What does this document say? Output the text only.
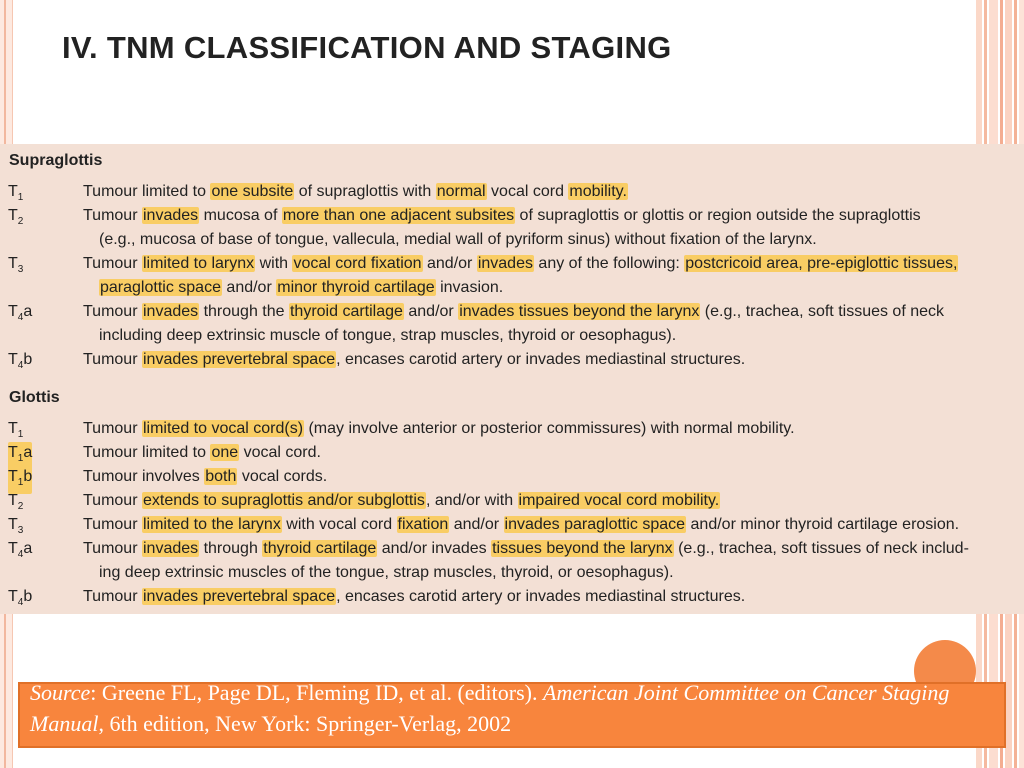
IV. TNM CLASSIFICATION AND STAGING
Supraglottis
$T_1$	Tumour limited to one subsite of supraglottis with normal vocal cord mobility.
$T_2$	Tumour invades mucosa of more than one adjacent subsites of supraglottis or glottis or region outside the supraglottis
(e.g., mucosa of base of tongue, vallecula, medial wall of pyriform sinus) without fixation of the larynx.
$T_3$	Tumour limited to larynx with vocal cord fixation and/or invades any of the following: postcricoid area, pre-epiglottic tissues,
paraglottic space and/or minor thyroid cartilage invasion.
$T_4a$	Tumour invades through the thyroid cartilage and/or invades tissues beyond the larynx (e.g., trachea, soft tissues of neck
including deep extrinsic muscle of tongue, strap muscles, thyroid or oesophagus).
$T_4b$	Tumour invades prevertebral space, encases carotid artery or invades mediastinal structures.
Glottis
$T_1$	Tumour limited to vocal cord(s) (may involve anterior or posterior commissures) with normal mobility.
$T_1a$	Tumour limited to one vocal cord.
$T_1b$	Tumour involves both vocal cords.
$T_2$	Tumour extends to supraglottis and/or subglottis, and/or with impaired vocal cord mobility.
$T_3$	Tumour limited to the larynx with vocal cord fixation and/or invades paraglottic space and/or minor thyroid cartilage erosion.
$T_4a$	Tumour invades through thyroid cartilage and/or invades tissues beyond the larynx (e.g., trachea, soft tissues of neck includ-
ing deep extrinsic muscles of the tongue, strap muscles, thyroid, or oesophagus).
$T_4b$	Tumour invades prevertebral space, encases carotid artery or invades mediastinal structures.
Source: Greene FL, Page DL, Fleming ID, et al. (editors). American Joint Committee on Cancer Staging Manual, 6th edition, New York: Springer-Verlag, 2002
